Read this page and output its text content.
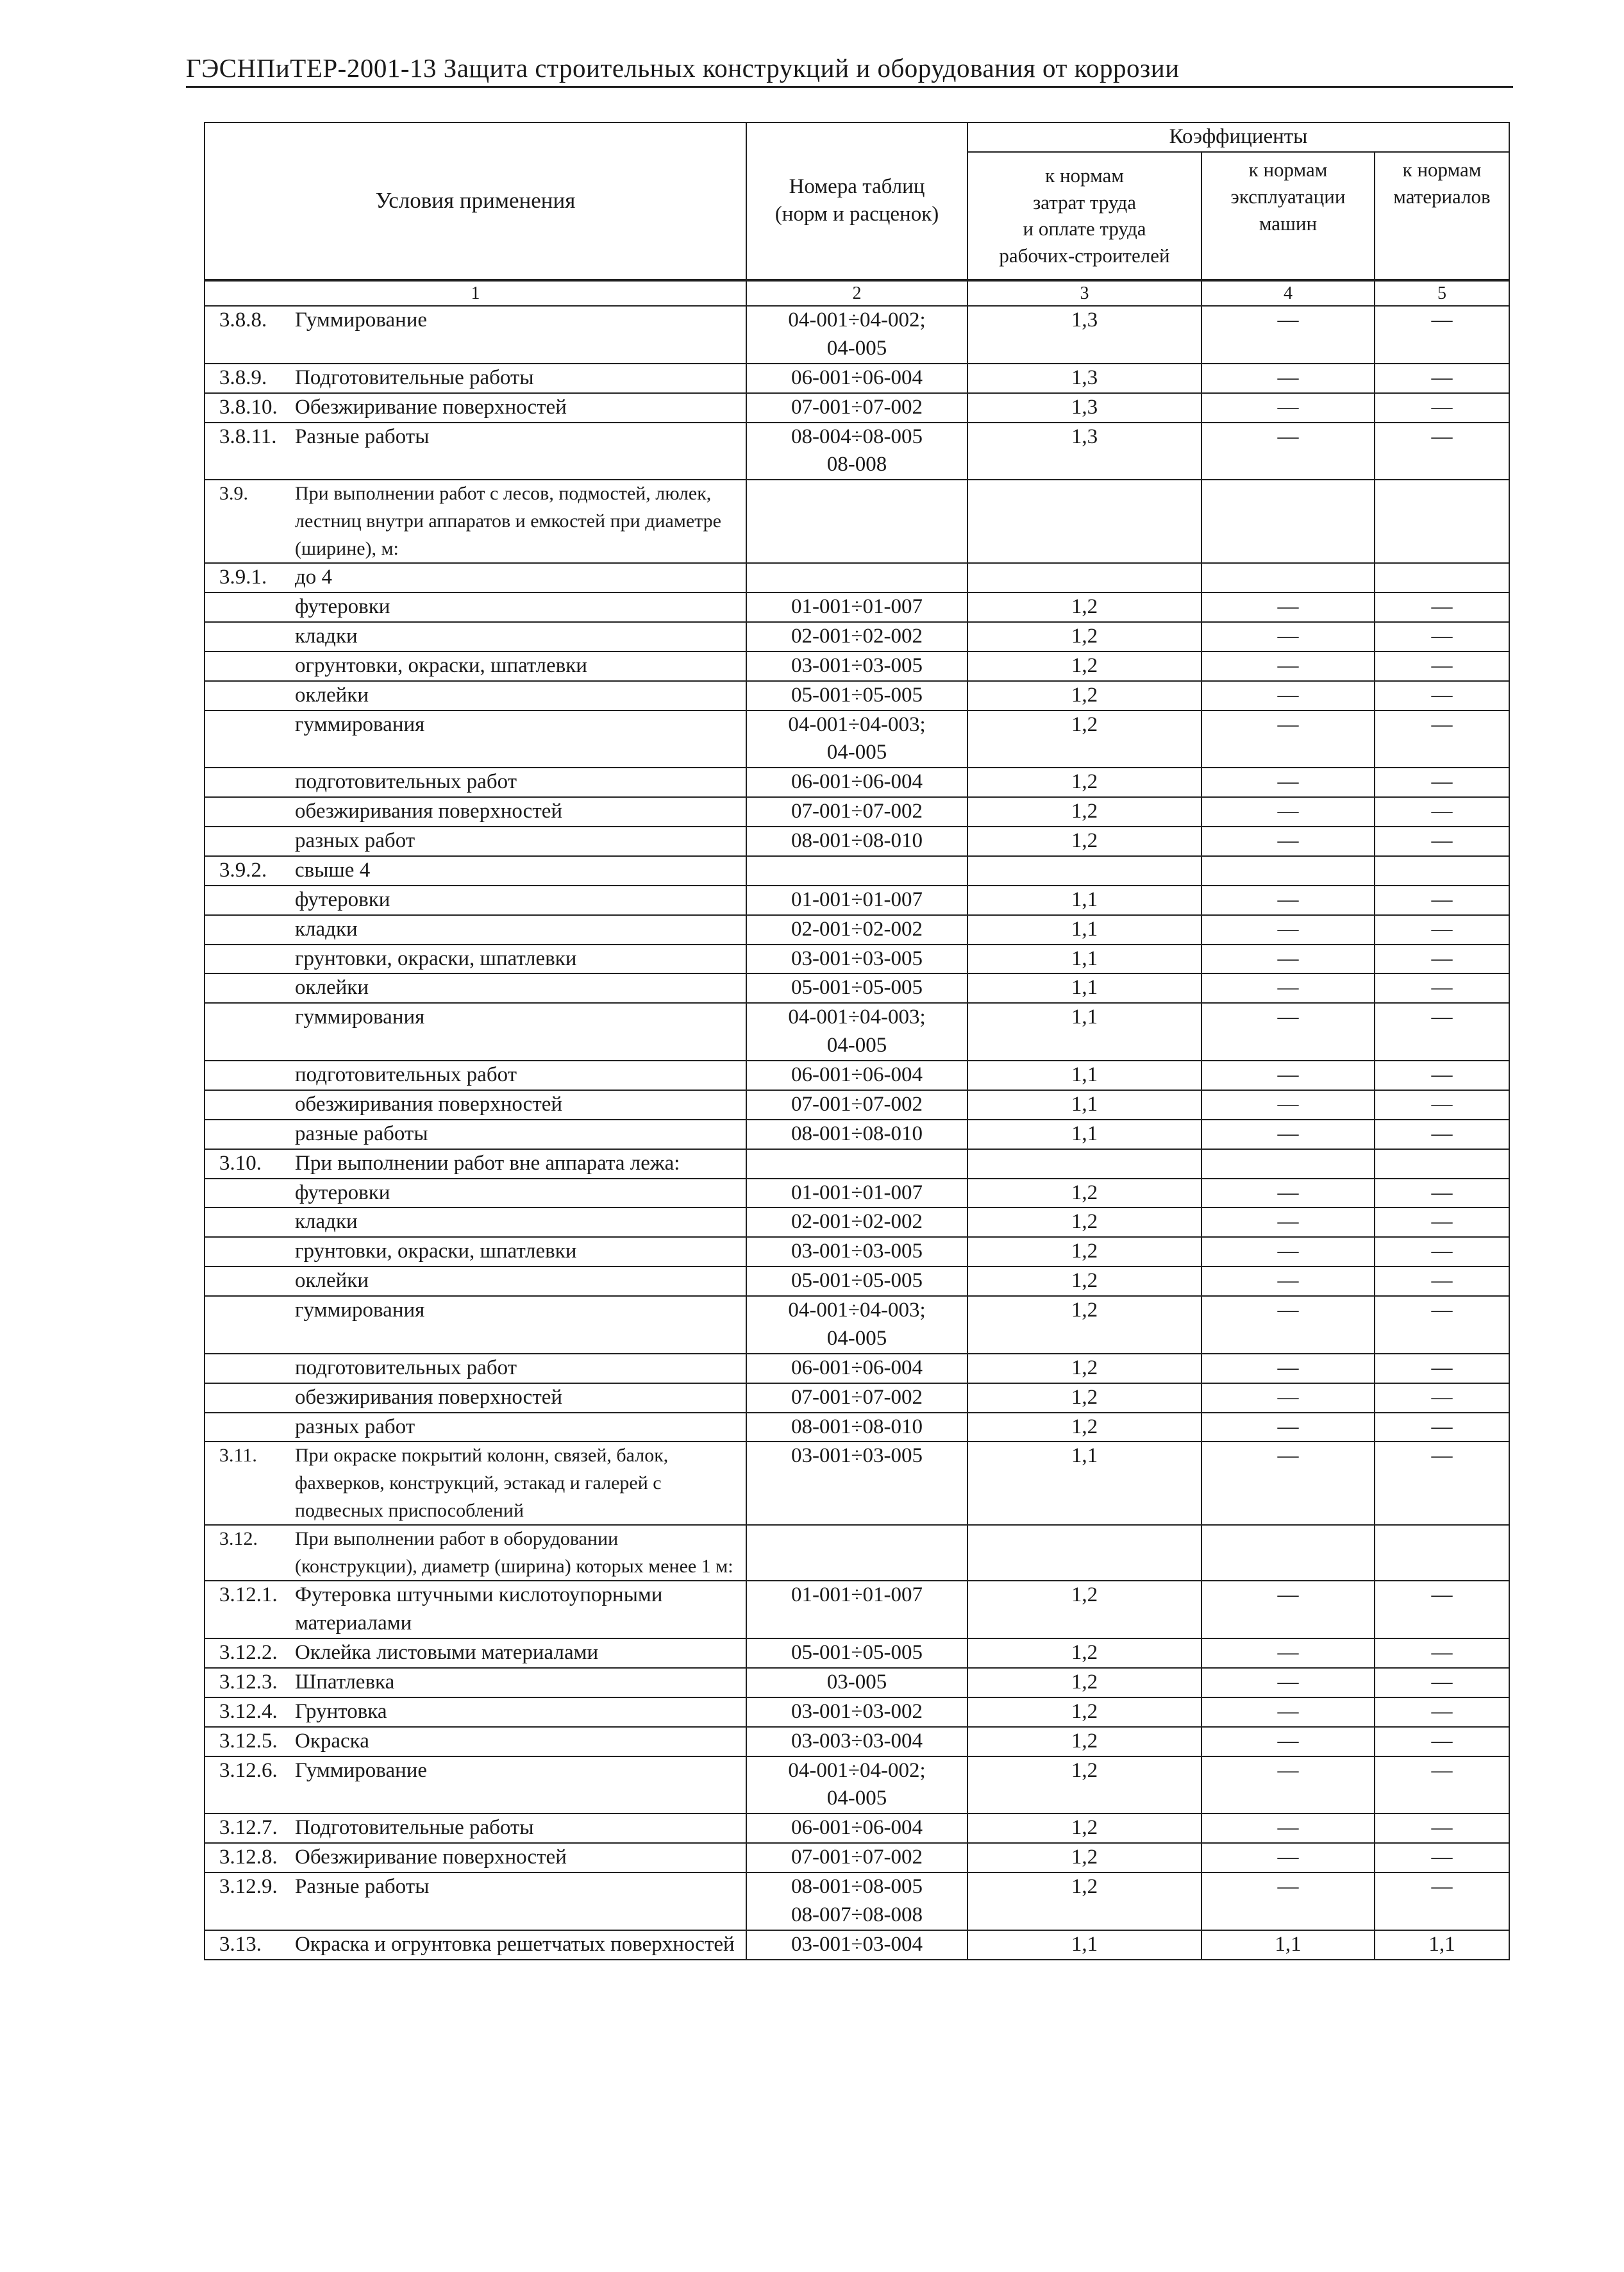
ГЭСНПиТЕР-2001-13 Защита строительных конструкций и оборудования от коррозии
Условия применения	Номера таблиц
(норм и расценок)	Коэффициенты		

		к нормам
затрат труда
и оплате труда
рабочих-строителей	к нормам
эксплуатации
машин	к нормам
материалов

1	2	3	4	5
3.8.8. Гуммирование	04-001÷04-002;
04-005	1,3	—	—
3.8.9. Подготовительные работы	06-001÷06-004	1,3	—	—
3.8.10. Обезжиривание поверхностей	07-001÷07-002	1,3	—	—
3.8.11. Разные работы	08-004÷08-005
08-008	1,3	—	—
3.9. При выполнении работ с лесов, подмостей, люлек, лестниц внутри аппаратов и емкостей при диаметре (ширине), м:				
3.9.1. до 4				
футеровки	01-001÷01-007	1,2	—	—
кладки	02-001÷02-002	1,2	—	—
огрунтовки, окраски, шпатлевки	03-001÷03-005	1,2	—	—
оклейки	05-001÷05-005	1,2	—	—
гуммирования	04-001÷04-003;
04-005	1,2	—	—
подготовительных работ	06-001÷06-004	1,2	—	—
обезжиривания поверхностей	07-001÷07-002	1,2	—	—
разных работ	08-001÷08-010	1,2	—	—
3.9.2. свыше 4				
футеровки	01-001÷01-007	1,1	—	—
кладки	02-001÷02-002	1,1	—	—
грунтовки, окраски, шпатлевки	03-001÷03-005	1,1	—	—
оклейки	05-001÷05-005	1,1	—	—
гуммирования	04-001÷04-003;
04-005	1,1	—	—
подготовительных работ	06-001÷06-004	1,1	—	—
обезжиривания поверхностей	07-001÷07-002	1,1	—	—
разные работы	08-001÷08-010	1,1	—	—
3.10. При выполнении работ вне аппарата лежа:				
футеровки	01-001÷01-007	1,2	—	—
кладки	02-001÷02-002	1,2	—	—
грунтовки, окраски, шпатлевки	03-001÷03-005	1,2	—	—
оклейки	05-001÷05-005	1,2	—	—
гуммирования	04-001÷04-003;
04-005	1,2	—	—
подготовительных работ	06-001÷06-004	1,2	—	—
обезжиривания поверхностей	07-001÷07-002	1,2	—	—
разных работ	08-001÷08-010	1,2	—	—
3.11. При окраске покрытий колонн, связей, балок, фахверков, конструкций, эстакад и галерей с подвесных приспособлений	03-001÷03-005	1,1	—	—
3.12. При выполнении работ в оборудовании (конструкции), диаметр (ширина) которых менее 1 м:				
3.12.1. Футеровка штучными кислотоупорными материалами	01-001÷01-007	1,2	—	—
3.12.2. Оклейка листовыми материалами	05-001÷05-005	1,2	—	—
3.12.3. Шпатлевка	03-005	1,2	—	—
3.12.4. Грунтовка	03-001÷03-002	1,2	—	—
3.12.5. Окраска	03-003÷03-004	1,2	—	—
3.12.6. Гуммирование	04-001÷04-002;
04-005	1,2	—	—
3.12.7. Подготовительные работы	06-001÷06-004	1,2	—	—
3.12.8. Обезжиривание поверхностей	07-001÷07-002	1,2	—	—
3.12.9. Разные работы	08-001÷08-005
08-007÷08-008	1,2	—	—
3.13. Окраска и огрунтовка решетчатых поверхностей	03-001÷03-004	1,1	1,1	1,1
